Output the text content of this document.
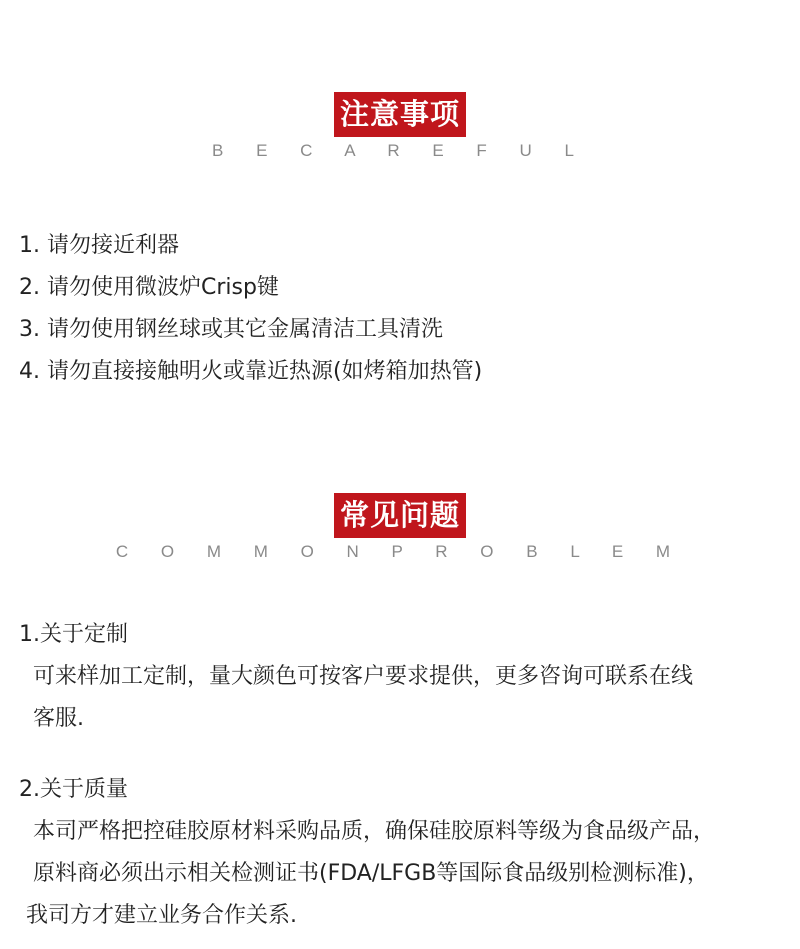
注意事项
B E C A R E F U L
1. 请勿接近利器
2. 请勿使用微波炉Crisp键
3. 请勿使用钢丝球或其它金属清洁工具清洗
4. 请勿直接接触明火或靠近热源(如烤箱加热管)
常见问题
C O M M O N P R O B L E M
1.关于定制
可来样加工定制，量大颜色可按客户要求提供，更多咨询可联系在线
客服.
2.关于质量
本司严格把控硅胶原材料采购品质，确保硅胶原料等级为食品级产品，
原料商必须出示相关检测证书(FDA/LFGB等国际食品级别检测标准)，
我司方才建立业务合作关系.
